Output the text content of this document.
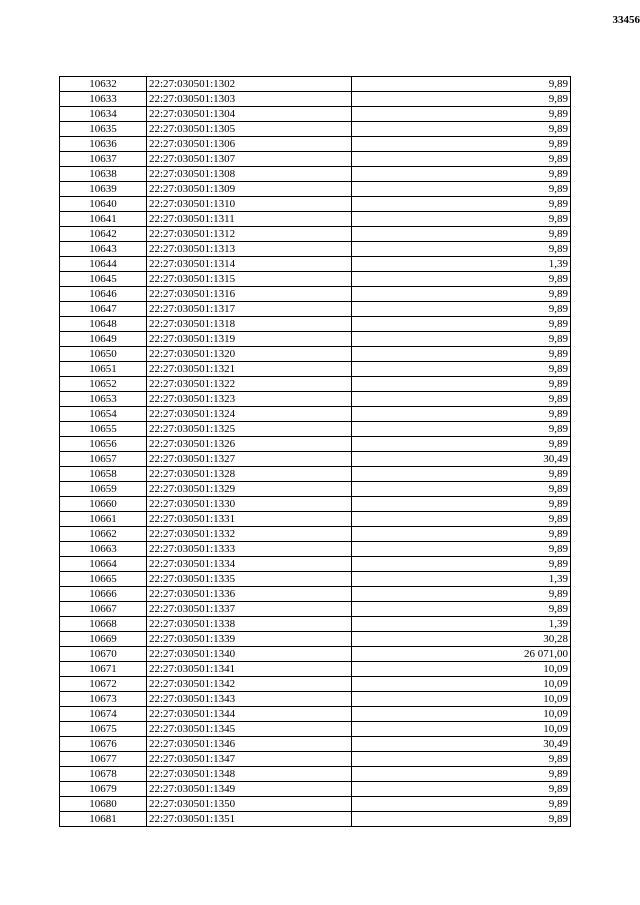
33456
10632	22:27:030501:1302	9,89
10633	22:27:030501:1303	9,89
10634	22:27:030501:1304	9,89
10635	22:27:030501:1305	9,89
10636	22:27:030501:1306	9,89
10637	22:27:030501:1307	9,89
10638	22:27:030501:1308	9,89
10639	22:27:030501:1309	9,89
10640	22:27:030501:1310	9,89
10641	22:27:030501:1311	9,89
10642	22:27:030501:1312	9,89
10643	22:27:030501:1313	9,89
10644	22:27:030501:1314	1,39
10645	22:27:030501:1315	9,89
10646	22:27:030501:1316	9,89
10647	22:27:030501:1317	9,89
10648	22:27:030501:1318	9,89
10649	22:27:030501:1319	9,89
10650	22:27:030501:1320	9,89
10651	22:27:030501:1321	9,89
10652	22:27:030501:1322	9,89
10653	22:27:030501:1323	9,89
10654	22:27:030501:1324	9,89
10655	22:27:030501:1325	9,89
10656	22:27:030501:1326	9,89
10657	22:27:030501:1327	30,49
10658	22:27:030501:1328	9,89
10659	22:27:030501:1329	9,89
10660	22:27:030501:1330	9,89
10661	22:27:030501:1331	9,89
10662	22:27:030501:1332	9,89
10663	22:27:030501:1333	9,89
10664	22:27:030501:1334	9,89
10665	22:27:030501:1335	1,39
10666	22:27:030501:1336	9,89
10667	22:27:030501:1337	9,89
10668	22:27:030501:1338	1,39
10669	22:27:030501:1339	30,28
10670	22:27:030501:1340	26 071,00
10671	22:27:030501:1341	10,09
10672	22:27:030501:1342	10,09
10673	22:27:030501:1343	10,09
10674	22:27:030501:1344	10,09
10675	22:27:030501:1345	10,09
10676	22:27:030501:1346	30,49
10677	22:27:030501:1347	9,89
10678	22:27:030501:1348	9,89
10679	22:27:030501:1349	9,89
10680	22:27:030501:1350	9,89
10681	22:27:030501:1351	9,89
